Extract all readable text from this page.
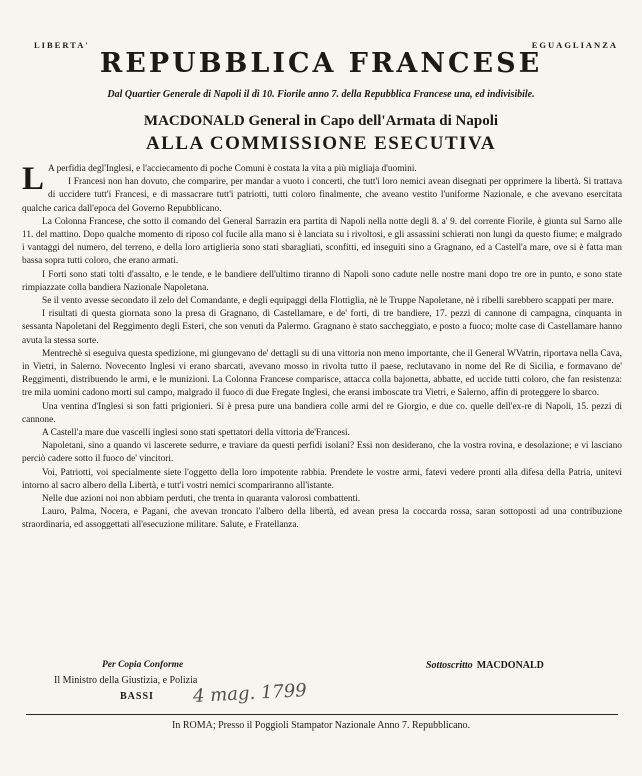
LIBERTA'	EGUAGLIANZA
REPUBBLICA FRANCESE
Dal Quartier Generale di Napoli il dì 10. Fiorile anno 7. della Repubblica Francese una, ed indivisibile.
MACDONALD General in Capo dell'Armata di Napoli
ALLA COMMISSIONE ESECUTIVA

L A perfidia degl'Inglesi, e l'acciecamento di poche Comuni è costata la vita a più migliaja d'uomini.

I Francesi non han dovuto, che comparire, per mandar a vuoto i concerti, che tutt'i loro nemici avean disegnati per opprimere la libertà. Si trattava di uccidere tutt'i Francesi, e di massacrare tutt'i patriotti, tutti coloro finalmente, che aveano vestito l'uniforme Nazionale, e che avevano esercitata qualche carica dall'epoca del Governo Repubblicano.

La Colonna Francese, che sotto il comando del General Sarrazin era partita di Napoli nella notte degli 8. a' 9. del corrente Fiorile, è giunta sul Sarno alle 11. del mattino. Dopo qualche momento di riposo col fucile alla mano si è lanciata su i rivoltosi, e gli assassini schierati non lungi da questo fiume; e malgrado i vantaggi del numero, del terreno, e della loro artiglieria sono stati sbaragliati, sconfitti, ed inseguiti sino a Gragnano, ed a Castell'a mare, ove si è fatta man bassa sopra tutti coloro, che erano armati.

I Forti sono stati tolti d'assalto, e le tende, e le bandiere dell'ultimo tiranno di Napoli sono cadute nelle nostre mani dopo tre ore in punto, e sono state rimpiazzate colla bandiera Nazionale Napoletana.

Se il vento avesse secondato il zelo del Comandante, e degli equipaggi della Flottiglia, nè le Truppe Napoletane, nè i ribelli sarebbero scappati per mare.

I risultati di questa giornata sono la presa di Gragnano, di Castellamare, e de' forti, di tre bandiere, 17. pezzi di cannone di campagna, cinquanta in sessanta Napoletani del Reggimento degli Esteri, che son venuti da Palermo. Gragnano è stato saccheggiato, e posto a fuoco; molte case di Castellamare hanno avuta la stessa sorte.

Mentrechè si eseguiva questa spedizione, mi giungevano de' dettagli su di una vittoria non meno importante, che il General WVatrin, riportava nella Cava, in Vietri, in Salerno. Novecento Inglesi vi erano sbarcati, avevano mosso in rivolta tutto il paese, reclutavano in nome del Re di Sicilia, e formavano de' Reggimenti, distribuendo le armi, e le munizioni. La Colonna Francese comparisce, attacca colla bajonetta, abbatte, ed uccide tutti coloro, che fan resistenza: tre mila uomini cadono morti sul campo, malgrado il fuoco di due Fregate Inglesi, che eransi imboscate tra Vietri, e Salerno, affin di proteggere lo sbarco.

Una ventina d'Inglesi si son fatti prigionieri. Si è presa pure una bandiera colle armi del re Giorgio, e due co. quelle dell'ex-re di Napoli, 15. pezzi di cannone.

A Castell'a mare due vascelli inglesi sono stati spettatori della vittoria de'Francesi.

Napoletani, sino a quando vi lascerete sedurre, e traviare da questi perfidi isolani? Essi non desiderano, che la vostra rovina, e desolazione; e vi lasciano perciò cadere sotto il fuoco de' vincitori.

Voi, Patriotti, voi specialmente siete l'oggetto della loro impotente rabbia. Prendete le vostre armi, fatevi vedere pronti alla difesa della Patria, unitevi intorno al sacro albero della Libertà, e tutt'i vostri nemici scompariranno all'istante.

Nelle due azioni noi non abbiam perduti, che trenta in quaranta valorosi combattenti.

Lauro, Palma, Nocera, e Pagani, che avevan troncato l'albero della libertà, ed avean presa la coccarda rossa, saran sottoposti ad una contribuzione straordinaria, ed assoggettati all'esecuzione militare. Salute, e Fratellanza.

Per Copia Conforme
Il Ministro della Giustizia, e Polizia
BASSI 4 mag. 1799
Sottoscritto MACDONALD
In ROMA; Presso il Poggioli Stampator Nazionale Anno 7. Repubblicano.
